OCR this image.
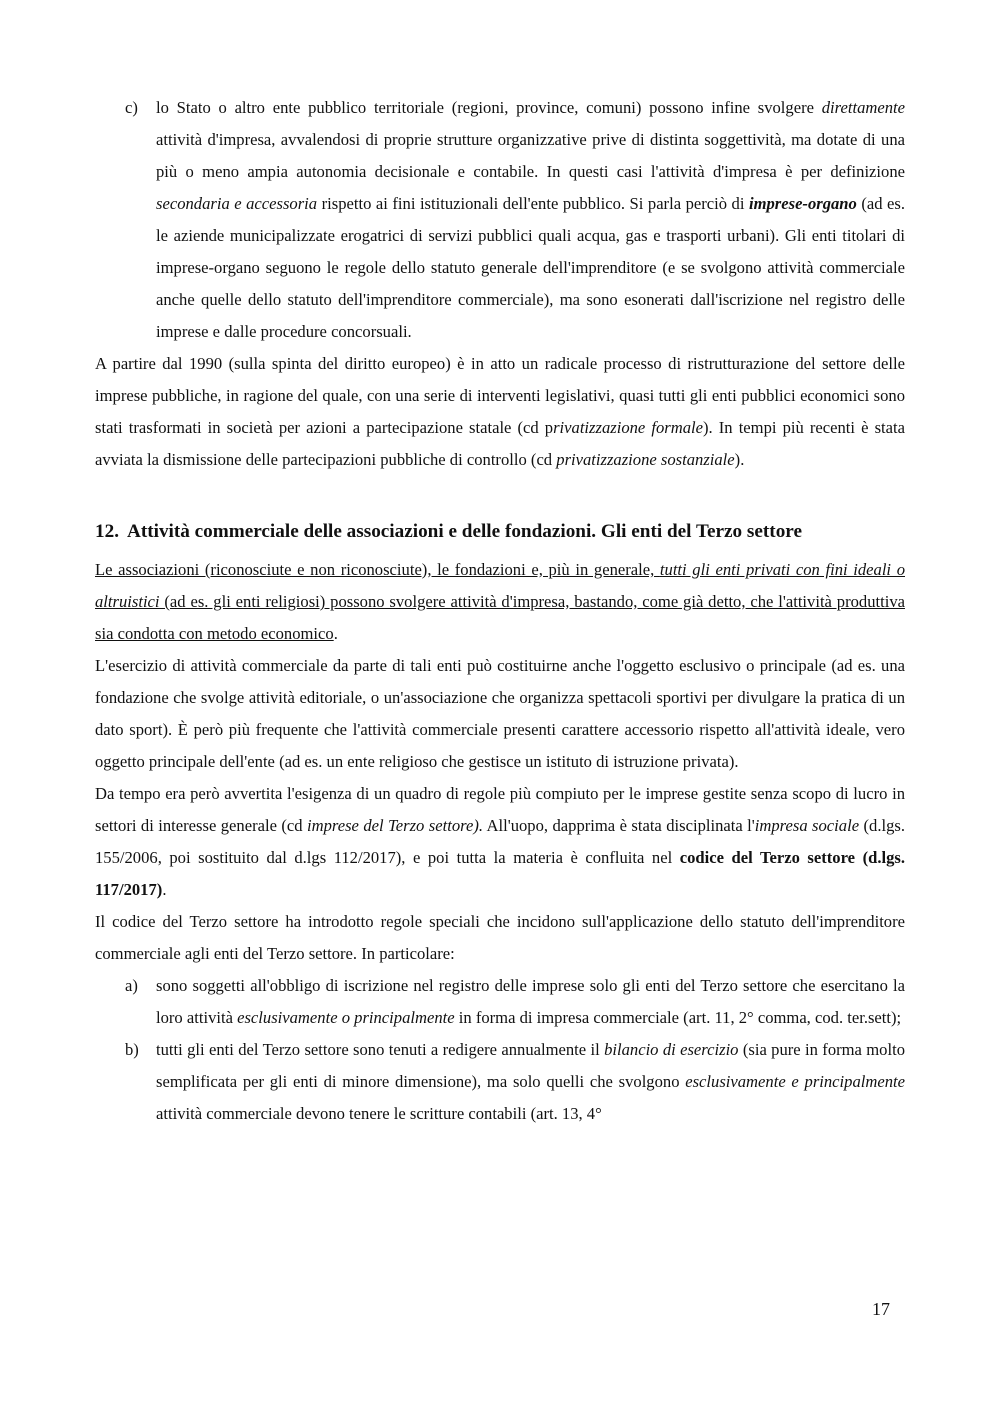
c) lo Stato o altro ente pubblico territoriale (regioni, province, comuni) possono infine svolgere direttamente attività d'impresa, avvalendosi di proprie strutture organizzative prive di distinta soggettività, ma dotate di una più o meno ampia autonomia decisionale e contabile. In questi casi l'attività d'impresa è per definizione secondaria e accessoria rispetto ai fini istituzionali dell'ente pubblico. Si parla perciò di imprese-organo (ad es. le aziende municipalizzate erogatrici di servizi pubblici quali acqua, gas e trasporti urbani). Gli enti titolari di imprese-organo seguono le regole dello statuto generale dell'imprenditore (e se svolgono attività commerciale anche quelle dello statuto dell'imprenditore commerciale), ma sono esonerati dall'iscrizione nel registro delle imprese e dalle procedure concorsuali.

A partire dal 1990 (sulla spinta del diritto europeo) è in atto un radicale processo di ristrutturazione del settore delle imprese pubbliche, in ragione del quale, con una serie di interventi legislativi, quasi tutti gli enti pubblici economici sono stati trasformati in società per azioni a partecipazione statale (cd privatizzazione formale). In tempi più recenti è stata avviata la dismissione delle partecipazioni pubbliche di controllo (cd privatizzazione sostanziale).

12. Attività commerciale delle associazioni e delle fondazioni. Gli enti del Terzo settore

Le associazioni (riconosciute e non riconosciute), le fondazioni e, più in generale, tutti gli enti privati con fini ideali o altruistici (ad es. gli enti religiosi) possono svolgere attività d'impresa, bastando, come già detto, che l'attività produttiva sia condotta con metodo economico.

L'esercizio di attività commerciale da parte di tali enti può costituirne anche l'oggetto esclusivo o principale (ad es. una fondazione che svolge attività editoriale, o un'associazione che organizza spettacoli sportivi per divulgare la pratica di un dato sport). È però più frequente che l'attività commerciale presenti carattere accessorio rispetto all'attività ideale, vero oggetto principale dell'ente (ad es. un ente religioso che gestisce un istituto di istruzione privata).

Da tempo era però avvertita l'esigenza di un quadro di regole più compiuto per le imprese gestite senza scopo di lucro in settori di interesse generale (cd imprese del Terzo settore). All'uopo, dapprima è stata disciplinata l'impresa sociale (d.lgs. 155/2006, poi sostituito dal d.lgs 112/2017), e poi tutta la materia è confluita nel codice del Terzo settore (d.lgs. 117/2017).

Il codice del Terzo settore ha introdotto regole speciali che incidono sull'applicazione dello statuto dell'imprenditore commerciale agli enti del Terzo settore. In particolare:

a) sono soggetti all'obbligo di iscrizione nel registro delle imprese solo gli enti del Terzo settore che esercitano la loro attività esclusivamente o principalmente in forma di impresa commerciale (art. 11, 2° comma, cod. ter.sett);

b) tutti gli enti del Terzo settore sono tenuti a redigere annualmente il bilancio di esercizio (sia pure in forma molto semplificata per gli enti di minore dimensione), ma solo quelli che svolgono esclusivamente e principalmente attività commerciale devono tenere le scritture contabili (art. 13, 4°

17
